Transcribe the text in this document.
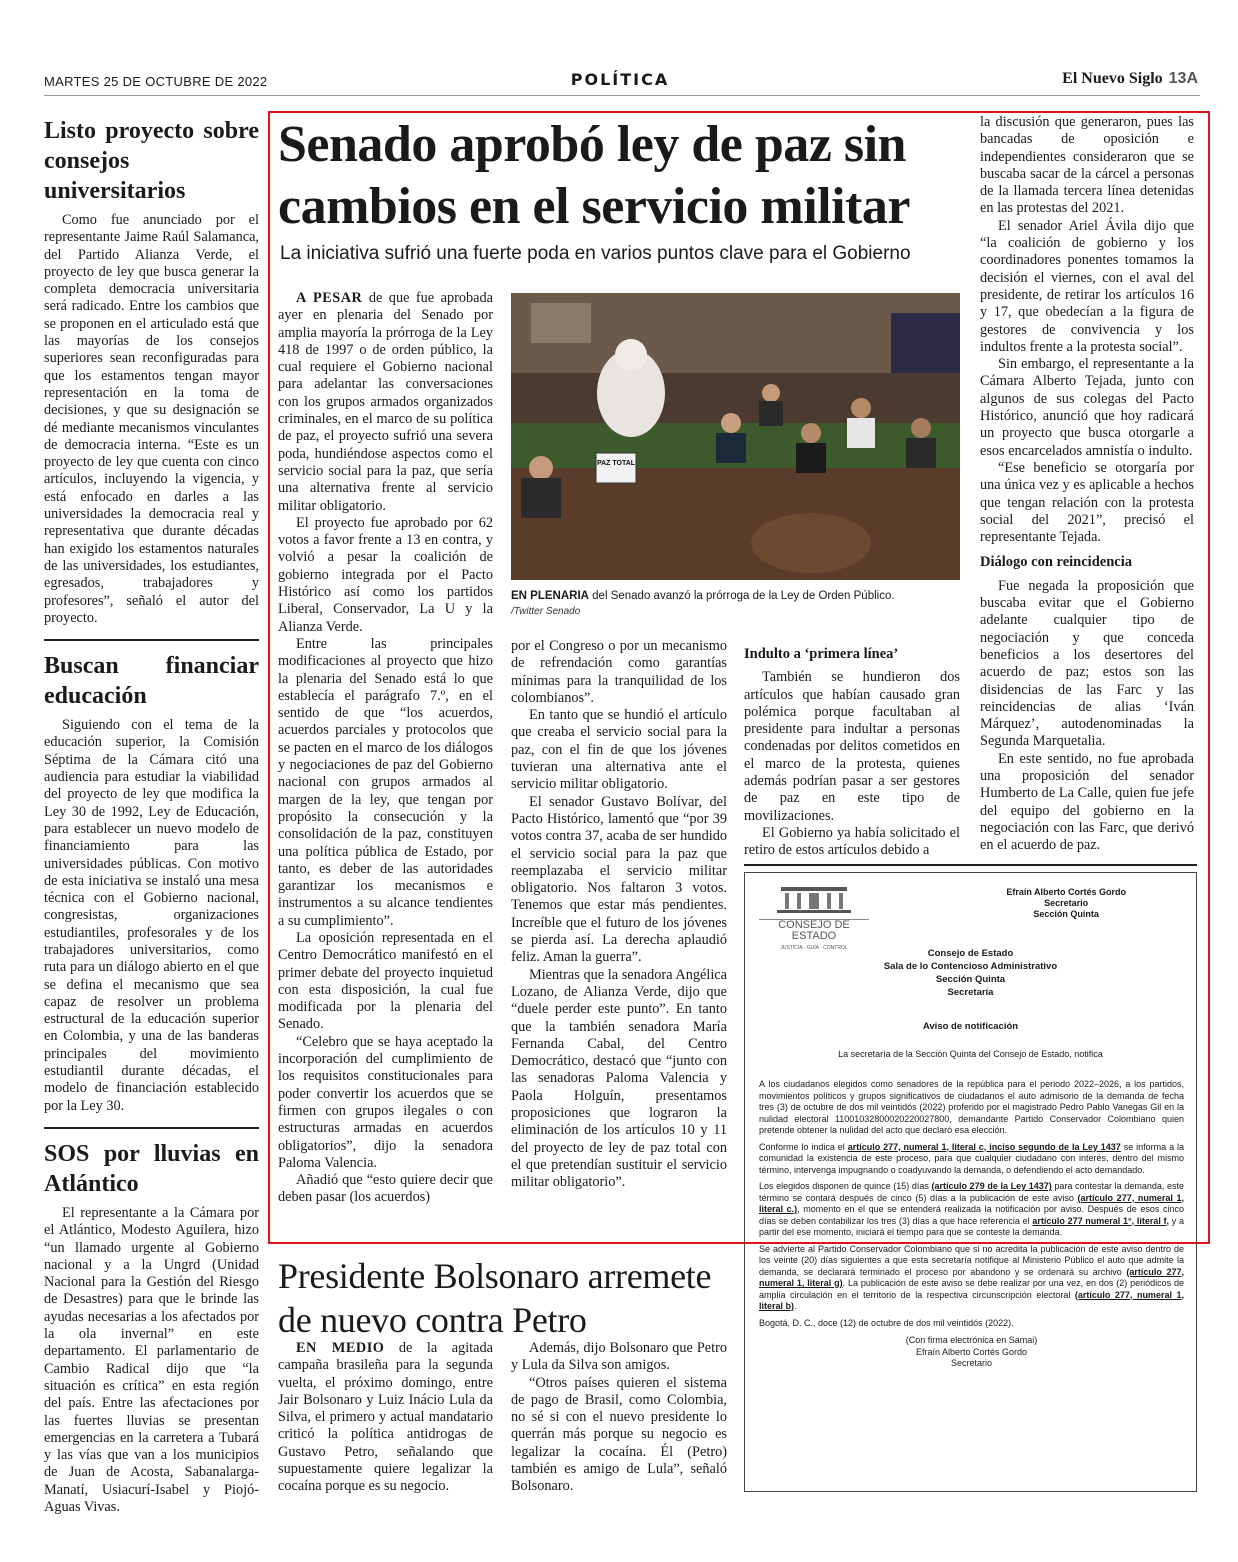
MARTES 25 DE OCTUBRE DE 2022	POLÍTICA	El Nuevo Siglo 13A
Listo proyecto sobre consejos universitarios

Como fue anunciado por el representante Jaime Raúl Salamanca, del Partido Alianza Verde, el proyecto de ley que busca generar la completa democracia universitaria será radicado. Entre los cambios que se proponen en el articulado está que las mayorías de los consejos superiores sean reconfiguradas para que los estamentos tengan mayor representación en la toma de decisiones, y que su designación se dé mediante mecanismos vinculantes de democracia interna. “Este es un proyecto de ley que cuenta con cinco artículos, incluyendo la vigencia, y está enfocado en darles a las universidades la democracia real y representativa que durante décadas han exigido los estamentos naturales de las universidades, los estudiantes, egresados, trabajadores y profesores”, señaló el autor del proyecto.

Buscan financiar educación

Siguiendo con el tema de la educación superior, la Comisión Séptima de la Cámara citó una audiencia para estudiar la viabilidad del proyecto de ley que modifica la Ley 30 de 1992, Ley de Educación, para establecer un nuevo modelo de financiamiento para las universidades públicas. Con motivo de esta iniciativa se instaló una mesa técnica con el Gobierno nacional, congresistas, organizaciones estudiantiles, profesorales y de los trabajadores universitarios, como ruta para un diálogo abierto en el que se defina el mecanismo que sea capaz de resolver un problema estructural de la educación superior en Colombia, y una de las banderas principales del movimiento estudiantil durante décadas, el modelo de financiación establecido por la Ley 30.

SOS por lluvias en Atlántico

El representante a la Cámara por el Atlántico, Modesto Aguilera, hizo “un llamado urgente al Gobierno nacional y a la Ungrd (Unidad Nacional para la Gestión del Riesgo de Desastres) para que le brinde las ayudas necesarias a los afectados por la ola invernal” en este departamento. El parlamentario de Cambio Radical dijo que “la situación es crítica” en esta región del país. Entre las afectaciones por las fuertes lluvias se presentan emergencias en la carretera a Tubará y las vías que van a los municipios de Juan de Acosta, Sabanalarga-Manatí, Usiacurí-Isabel y Piojó-Aguas Vivas.

Senado aprobó ley de paz sin cambios en el servicio militar
La iniciativa sufrió una fuerte poda en varios puntos clave para el Gobierno

A PESAR de que fue aprobada ayer en plenaria del Senado por amplia mayoría la prórroga de la Ley 418 de 1997 o de orden público, la cual requiere el Gobierno nacional para adelantar las conversaciones con los grupos armados organizados criminales, en el marco de su política de paz, el proyecto sufrió una severa poda, hundiéndose aspectos como el servicio social para la paz, que sería una alternativa frente al servicio militar obligatorio.

El proyecto fue aprobado por 62 votos a favor frente a 13 en contra, y volvió a pesar la coalición de gobierno integrada por el Pacto Histórico así como los partidos Liberal, Conservador, La U y la Alianza Verde.

Entre las principales modificaciones al proyecto que hizo la plenaria del Senado está lo que establecía el parágrafo 7.º, en el sentido de que “los acuerdos, acuerdos parciales y protocolos que se pacten en el marco de los diálogos y negociaciones de paz del Gobierno nacional con grupos armados al margen de la ley, que tengan por propósito la consecución y la consolidación de la paz, constituyen una política pública de Estado, por tanto, es deber de las autoridades garantizar los mecanismos e instrumentos a su alcance tendientes a su cumplimiento”.

La oposición representada en el Centro Democrático manifestó en el primer debate del proyecto inquietud con esta disposición, la cual fue modificada por la plenaria del Senado.

“Celebro que se haya aceptado la incorporación del cumplimiento de los requisitos constitucionales para poder convertir los acuerdos que se firmen con grupos ilegales o con estructuras armadas en acuerdos obligatorios”, dijo la senadora Paloma Valencia.

Añadió que “esto quiere decir que deben pasar (los acuerdos)

PAZ TOTAL
EN PLENARIA del Senado avanzó la prórroga de la Ley de Orden Público.
/Twitter Senado

por el Congreso o por un mecanismo de refrendación como garantías mínimas para la tranquilidad de los colombianos”.

En tanto que se hundió el artículo que creaba el servicio social para la paz, con el fin de que los jóvenes tuvieran una alternativa ante el servicio militar obligatorio.

El senador Gustavo Bolívar, del Pacto Histórico, lamentó que “por 39 votos contra 37, acaba de ser hundido el servicio social para la paz que reemplazaba el servicio militar obligatorio. Nos faltaron 3 votos. Tenemos que estar más pendientes. Increíble que el futuro de los jóvenes se pierda así. La derecha aplaudió feliz. Aman la guerra”.

Mientras que la senadora Angélica Lozano, de Alianza Verde, dijo que “duele perder este punto”. En tanto que la también senadora María Fernanda Cabal, del Centro Democrático, destacó que “junto con las senadoras Paloma Valencia y Paola Holguín, presentamos proposiciones que lograron la eliminación de los artículos 10 y 11 del proyecto de ley de paz total con el que pretendían sustituir el servicio militar obligatorio”.

Indulto a ‘primera línea’

También se hundieron dos artículos que habían causado gran polémica porque facultaban al presidente para indultar a personas condenadas por delitos cometidos en el marco de la protesta, quienes además podrían pasar a ser gestores de paz en este tipo de movilizaciones.

El Gobierno ya había solicitado el retiro de estos artículos debido a

la discusión que generaron, pues las bancadas de oposición e independientes consideraron que se buscaba sacar de la cárcel a personas de la llamada tercera línea detenidas en las protestas del 2021.

El senador Ariel Ávila dijo que “la coalición de gobierno y los coordinadores ponentes tomamos la decisión el viernes, con el aval del presidente, de retirar los artículos 16 y 17, que obedecían a la figura de gestores de convivencia y los indultos frente a la protesta social”.

Sin embargo, el representante a la Cámara Alberto Tejada, junto con algunos de sus colegas del Pacto Histórico, anunció que hoy radicará un proyecto que busca otorgarle a esos encarcelados amnistía o indulto.

“Ese beneficio se otorgaría por una única vez y es aplicable a hechos que tengan relación con la protesta social del 2021”, precisó el representante Tejada.

Diálogo con reincidencia

Fue negada la proposición que buscaba evitar que el Gobierno adelante cualquier tipo de negociación y que conceda beneficios a los desertores del acuerdo de paz; estos son las disidencias de las Farc y las reincidencias de alias ‘Iván Márquez’, autodenominadas la Segunda Marquetalia.

En este sentido, no fue aprobada una proposición del senador Humberto de La Calle, quien fue jefe del equipo del gobierno en la negociación con las Farc, que derivó en el acuerdo de paz.

Presidente Bolsonaro arremete de nuevo contra Petro

EN MEDIO de la agitada campaña brasileña para la segunda vuelta, el próximo domingo, entre Jair Bolsonaro y Luiz Inácio Lula da Silva, el primero y actual mandatario criticó la política antidrogas de Gustavo Petro, señalando que supuestamente quiere legalizar la cocaína porque es su negocio.

Además, dijo Bolsonaro que Petro y Lula da Silva son amigos.

“Otros países quieren el sistema de pago de Brasil, como Colombia, no sé si con el nuevo presidente lo querrán más porque su negocio es legalizar la cocaína. Él (Petro) también es amigo de Lula”, señaló Bolsonaro.

CONSEJO DE ESTADO
JUSTICIA · GUÍA · CONTROL
Efraín Alberto Cortés Gordo
Secretario
Sección Quinta
Consejo de Estado
Sala de lo Contencioso Administrativo
Sección Quinta
Secretaría
Aviso de notificación
La secretaría de la Sección Quinta del Consejo de Estado, notifica

A los ciudadanos elegidos como senadores de la república para el periodo 2022–2026, a los partidos, movimientos políticos y grupos significativos de ciudadanos el auto admisorio de la demanda de fecha tres (3) de octubre de dos mil veintidós (2022) proferido por el magistrado Pedro Pablo Vanegas Gil en la nulidad electoral 11001032800020220027800, demandante Partido Conservador Colombiano quien pretende obtener la nulidad del acto que declaró esa elección.

Conforme lo indica el artículo 277, numeral 1, literal c, inciso segundo de la Ley 1437 se informa a la comunidad la existencia de este proceso, para que cualquier ciudadano con interés, dentro del mismo término, intervenga impugnando o coadyuvando la demanda, o defendiendo el acto demandado.

Los elegidos disponen de quince (15) días (artículo 279 de la Ley 1437) para contestar la demanda, este término se contará después de cinco (5) días a la publicación de este aviso (artículo 277, numeral 1, literal c.), momento en el que se entenderá realizada la notificación por aviso. Después de esos cinco días se deben contabilizar los tres (3) días a que hace referencia el artículo 277 numeral 1°, literal f, y a partir del ese momento, iniciará el tiempo para que se conteste la demanda.

Se advierte al Partido Conservador Colombiano que si no acredita la publicación de este aviso dentro de los veinte (20) días siguientes a que esta secretaría notifique al Ministerio Público el auto que admite la demanda, se declarará terminado el proceso por abandono y se ordenará su archivo (artículo 277, numeral 1, literal g). La publicación de este aviso se debe realizar por una vez, en dos (2) periódicos de amplia circulación en el territorio de la respectiva circunscripción electoral (artículo 277, numeral 1, literal b).

Bogotá, D. C., doce (12) de octubre de dos mil veintidós (2022).

(Con firma electrónica en Samai)
Efraín Alberto Cortés Gordo
Secretario
